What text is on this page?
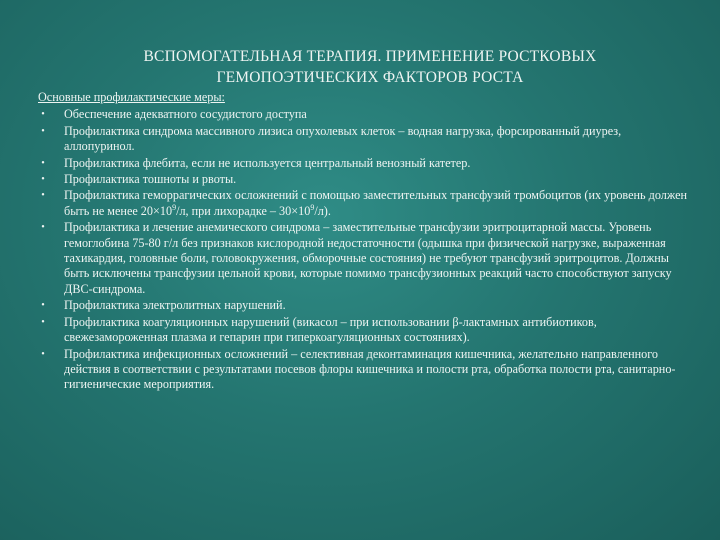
ВСПОМОГАТЕЛЬНАЯ ТЕРАПИЯ. ПРИМЕНЕНИЕ РОСТКОВЫХ
ГЕМОПОЭТИЧЕСКИХ ФАКТОРОВ РОСТА
Основные профилактические меры:
• Обеспечение адекватного сосудистого доступа
• Профилактика синдрома массивного лизиса опухолевых клеток – водная нагрузка, форсированный диурез, аллопуринол.
• Профилактика флебита, если не используется центральный венозный катетер.
• Профилактика тошноты и рвоты.
• Профилактика геморрагических осложнений с помощью заместительных трансфузий тромбоцитов (их уровень должен быть не менее $20\times 10^9/л$, при лихорадке – $30\times 10^9/л$).
• Профилактика и лечение анемического синдрома – заместительные трансфузии эритроцитарной массы. Уровень гемоглобина 75-80 г/л без признаков кислородной недостаточности (одышка при физической нагрузке, выраженная тахикардия, головные боли, головокружения, обморочные состояния) не требуют трансфузий эритроцитов. Должны быть исключены трансфузии цельной крови, которые помимо трансфузионных реакций часто способствуют запуску ДВС-синдрома.
• Профилактика электролитных нарушений.
• Профилактика коагуляционных нарушений (викасол – при использовании β-лактамных антибиотиков, свежезамороженная плазма и гепарин при гиперкоагуляционных состояниях).
• Профилактика инфекционных осложнений – селективная деконтаминация кишечника, желательно направленного действия в соответствии с результатами посевов флоры кишечника и полости рта, обработка полости рта, санитарно-гигиенические мероприятия.
